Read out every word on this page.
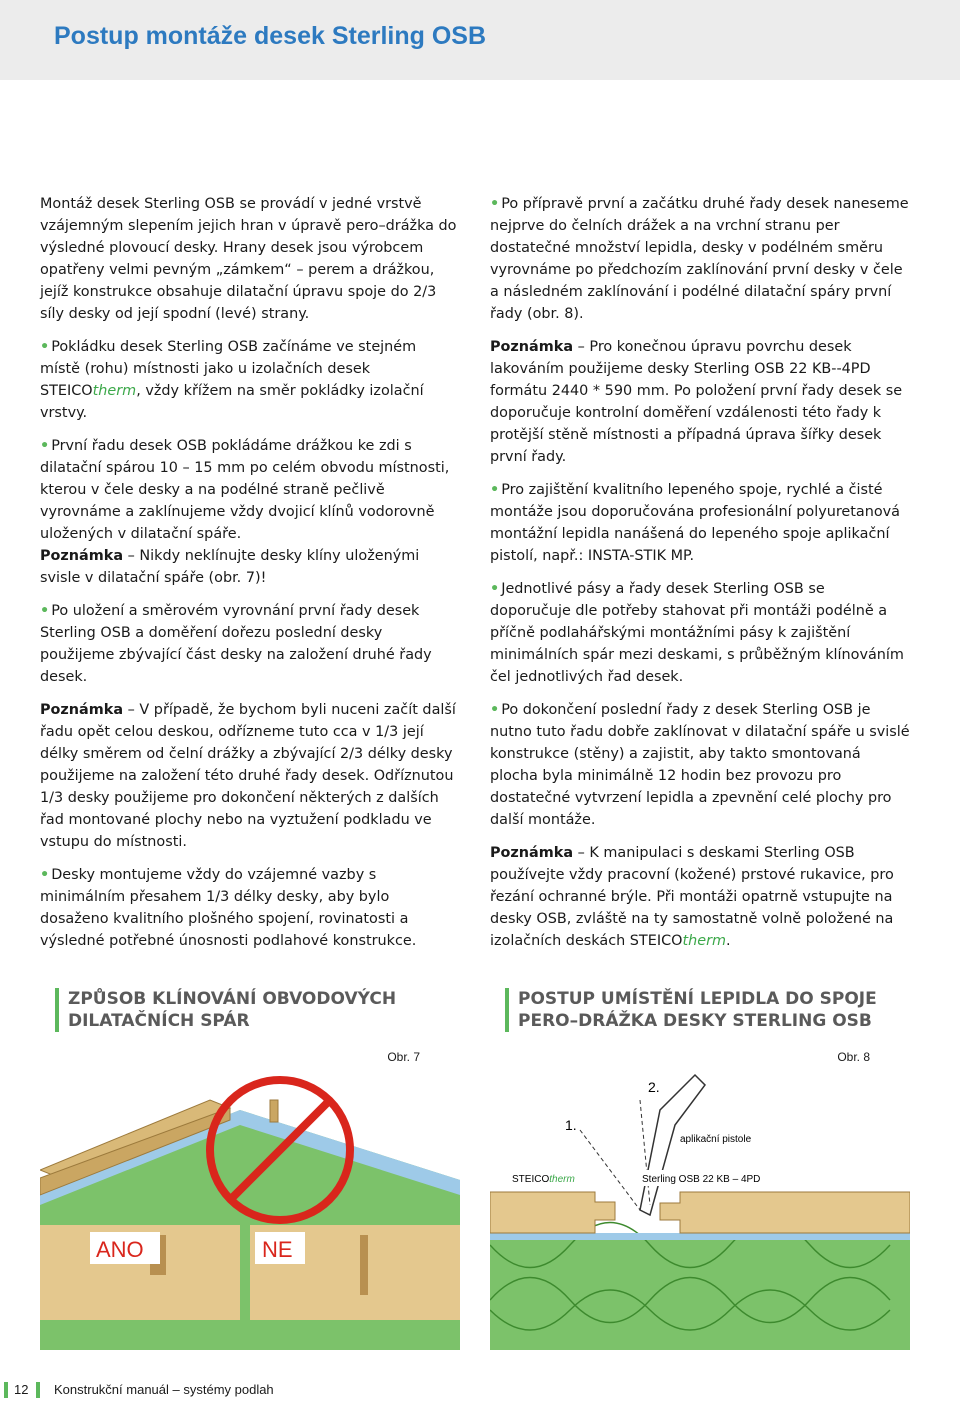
Postup montáže desek Sterling OSB

Montáž desek Sterling OSB se provádí v jedné vrstvě vzájemným slepením jejich hran v úpravě pero–drážka do výsledné plovoucí desky. Hrany desek jsou výrobcem opatřeny velmi pevným „zámkem“ – perem a drážkou, jejíž konstrukce obsahuje dilatační úpravu spoje do 2/3 síly desky od její spodní (levé) strany.

• Pokládku desek Sterling OSB začínáme ve stejném místě (rohu) místnosti jako u izolačních desek STEICOtherm, vždy křížem na směr pokládky izolační vrstvy.

• První řadu desek OSB pokládáme drážkou ke zdi s dilatační spárou 10 – 15 mm po celém obvodu místnosti, kterou v čele desky a na podélné straně pečlivě vyrovnáme a zaklínujeme vždy dvojicí klínů vodorovně uložených v dilatační spáře.
Poznámka – Nikdy neklínujte desky klíny uloženými svisle v dilatační spáře (obr. 7)!

• Po uložení a směrovém vyrovnání první řady desek Sterling OSB a doměření dořezu poslední desky použijeme zbývající část desky na založení druhé řady desek.

Poznámka – V případě, že bychom byli nuceni začít další řadu opět celou deskou, odřízneme tuto cca v 1/3 její délky směrem od čelní drážky a zbývající 2/3 délky desky použijeme na založení této druhé řady desek. Odříznutou 1/3 desky použijeme pro dokončení některých z dalších řad montované plochy nebo na vyztužení podkladu ve vstupu do místnosti.

• Desky montujeme vždy do vzájemné vazby s minimálním přesahem 1/3 délky desky, aby bylo dosaženo kvalitního plošného spojení, rovinatosti a výsledné potřebné únosnosti podlahové konstrukce.

• Po přípravě první a začátku druhé řady desek naneseme nejprve do čelních drážek a na vrchní stranu per dostatečné množství lepidla, desky v podélném směru vyrovnáme po předchozím zaklínování první desky v čele a následném zaklínování i podélné dilatační spáry první řady (obr. 8).

Poznámka – Pro konečnou úpravu povrchu desek lakováním použijeme desky Sterling OSB 22 KB--4PD formátu 2440 * 590 mm. Po položení první řady desek se doporučuje kontrolní doměření vzdálenosti této řady k protější stěně místnosti a případná úprava šířky desek první řady.

• Pro zajištění kvalitního lepeného spoje, rychlé a čisté montáže jsou doporučována profesionální polyuretanová montážní lepidla nanášená do lepeného spoje aplikační pistolí, např.: INSTA-STIK MP.

• Jednotlivé pásy a řady desek Sterling OSB se doporučuje dle potřeby stahovat při montáži podélně a příčně podlahářskými montážními pásy k zajištění minimálních spár mezi deskami, s průběžným klínováním čel jednotlivých řad desek.

• Po dokončení poslední řady z desek Sterling OSB je nutno tuto řadu dobře zaklínovat v dilatační spáře u svislé konstrukce (stěny) a zajistit, aby takto smontovaná plocha byla minimálně 12 hodin bez provozu pro dostatečné vytvrzení lepidla a zpevnění celé plochy pro další montáže.

Poznámka – K manipulaci s deskami Sterling OSB používejte vždy pracovní (kožené) prstové rukavice, pro řezání ochranné brýle. Při montáži opatrně vstupujte na desky OSB, zvláště na ty samostatně volně položené na izolačních deskách STEICOtherm.

ZPŮSOB KLÍNOVÁNÍ OBVODOVÝCH

DILATAČNÍCH SPÁR

POSTUP UMÍSTĚNÍ LEPIDLA DO SPOJE

PERO–DRÁŽKA DESKY STERLING OSB

Obr. 7
ANO	NE
Obr. 8
1.
2.
aplikační pistole
STEICOtherm	Sterling OSB 22 KB – 4PD
12 Konstrukční manuál – systémy podlah
